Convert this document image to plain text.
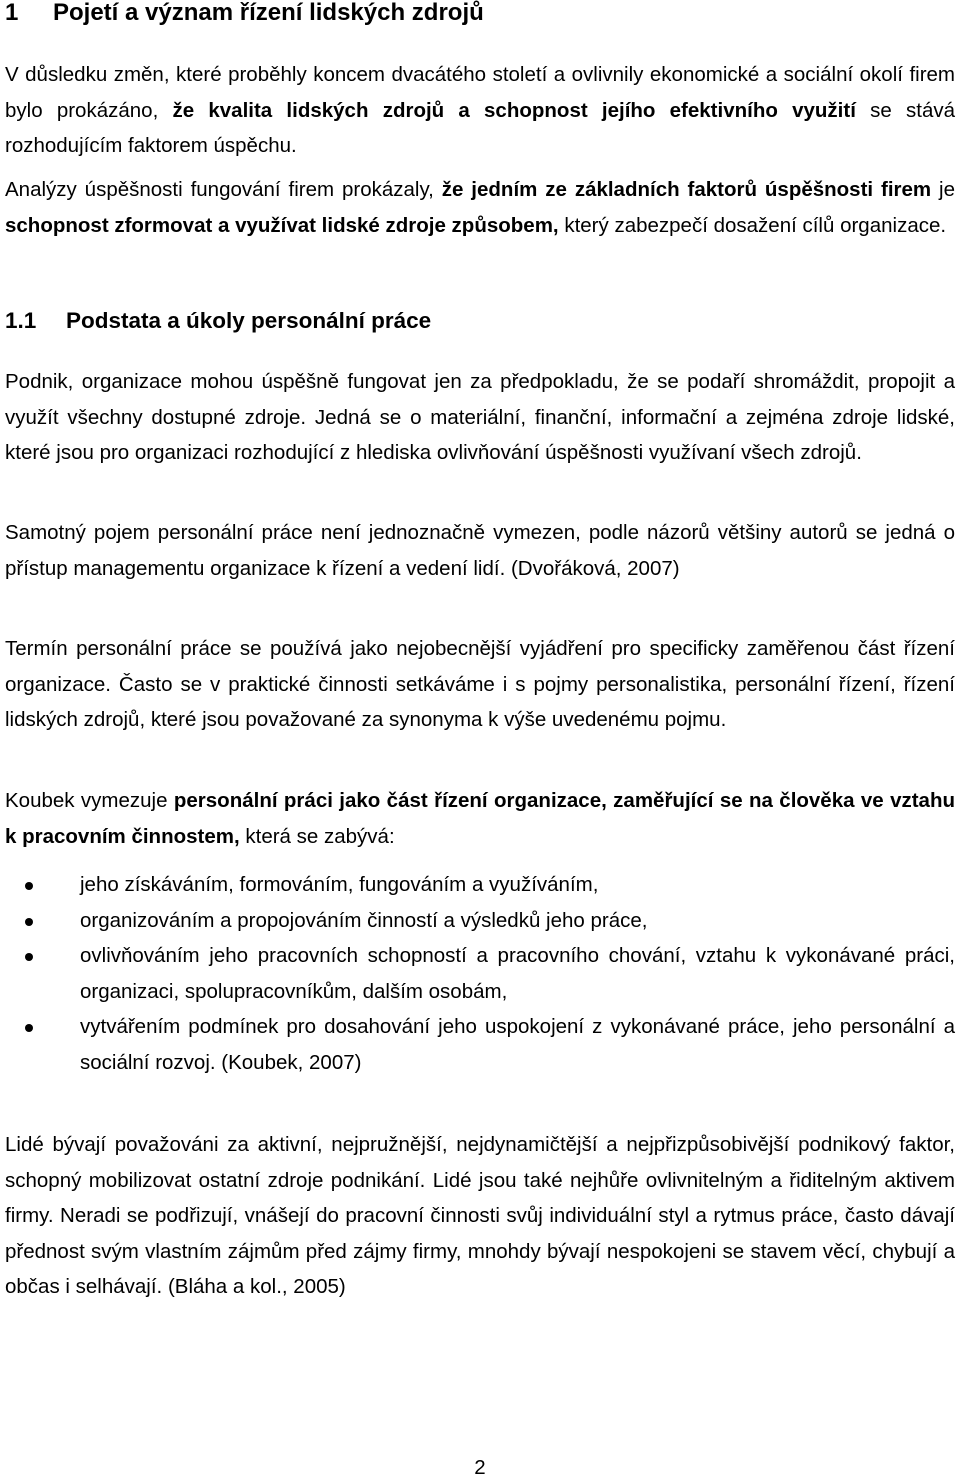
1 Pojetí a význam řízení lidských zdrojů

V důsledku změn, které proběhly koncem dvacátého století a ovlivnily ekonomické a sociální okolí firem bylo prokázáno, že kvalita lidských zdrojů a schopnost jejího efektivního využití se stává rozhodujícím faktorem úspěchu.

Analýzy úspěšnosti fungování firem prokázaly, že jedním ze základních faktorů úspěšnosti firem je schopnost zformovat a využívat lidské zdroje způsobem, který zabezpečí dosažení cílů organizace.

1.1 Podstata a úkoly personální práce

Podnik, organizace mohou úspěšně fungovat jen za předpokladu, že se podaří shromáždit, propojit a využít všechny dostupné zdroje. Jedná se o materiální, finanční, informační a zejména zdroje lidské, které jsou pro organizaci rozhodující z hlediska ovlivňování úspěšnosti využívaní všech zdrojů.

Samotný pojem personální práce není jednoznačně vymezen, podle názorů většiny autorů se jedná o přístup managementu organizace k řízení a vedení lidí. (Dvořáková, 2007)

Termín personální práce se používá jako nejobecnější vyjádření pro specificky zaměřenou část řízení organizace. Často se v praktické činnosti setkáváme i s pojmy personalistika, personální řízení, řízení lidských zdrojů, které jsou považované za synonyma k výše uvedenému pojmu.

Koubek vymezuje personální práci jako část řízení organizace, zaměřující se na člověka ve vztahu k pracovním činnostem, která se zabývá:

jeho získáváním, formováním, fungováním a využíváním,
organizováním a propojováním činností a výsledků jeho práce,
ovlivňováním jeho pracovních schopností a pracovního chování, vztahu k vykonávané práci, organizaci, spolupracovníkům, dalším osobám,
vytvářením podmínek pro dosahování jeho uspokojení z vykonávané práce, jeho personální a sociální rozvoj. (Koubek, 2007)

Lidé bývají považováni za aktivní, nejpružnější, nejdynamičtější a nejpřizpůsobivější podnikový faktor, schopný mobilizovat ostatní zdroje podnikání. Lidé jsou také nejhůře ovlivnitelným a řiditelným aktivem firmy. Neradi se podřizují, vnášejí do pracovní činnosti svůj individuální styl a rytmus práce, často dávají přednost svým vlastním zájmům před zájmy firmy, mnohdy bývají nespokojeni se stavem věcí, chybují a občas i selhávají. (Bláha a kol., 2005)

2
